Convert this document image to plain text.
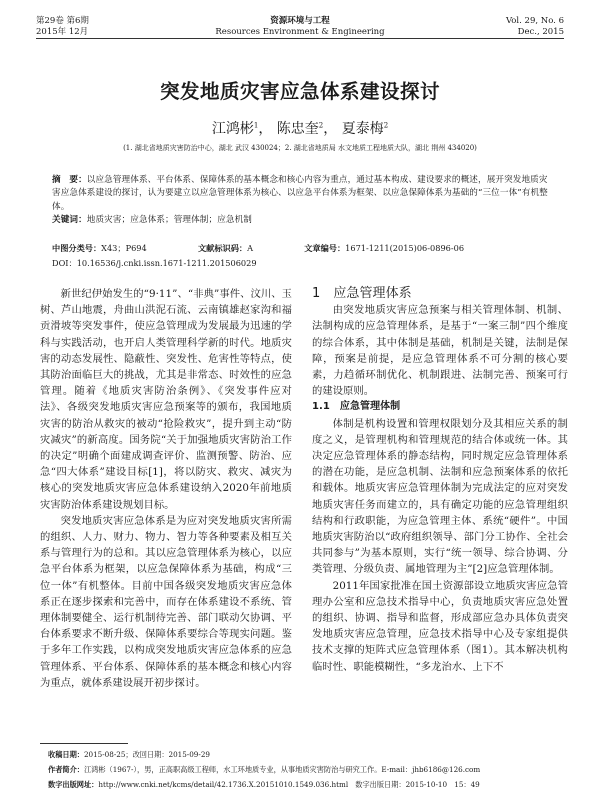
第29卷 第6期
2015年 12月
资源环境与工程
Resources Environment & Engineering
Vol. 29, No. 6
Dec., 2015
突发地质灾害应急体系建设探讨
江鸿彬$^1$， 陈忠奎$^2$， 夏泰梅$^2$
(1. 湖北省地质灾害防治中心，湖北 武汉 430024；2. 湖北省地质局 水文地质工程地质大队，湖北 荆州 434020)

摘　要：以应急管理体系、平台体系、保障体系的基本概念和核心内容为重点，通过基本构成、建设要求的概述，展开突发地质灾害应急体系建设的探讨，认为要建立以应急管理体系为核心、以应急平台体系为框架、以应急保障体系为基础的“三位一体”有机整体。

关键词：地质灾害；应急体系；管理体制；应急机制

中图分类号：X43；P694	文献标识码：A	文章编号：1671-1211(2015)06-0896-06
DOI：10.16536/j.cnki.issn.1671-1211.201506029

新世纪伊始发生的“9·11”、“非典”事件、汶川、玉树、芦山地震，舟曲山洪泥石流、云南镇雄赵家沟和福贡滑坡等突发事件，使应急管理成为发展最为迅速的学科与实践活动，也开启人类管理科学新的时代。地质灾害的动态发展性、隐蔽性、突发性、危害性等特点，使其防治面临巨大的挑战，尤其是非常态、时效性的应急管理。随着《地质灾害防治条例》、《突发事件应对法》、各级突发地质灾害应急预案等的颁布，我国地质灾害的防治从救灾的被动“抢险救灾”，提升到主动“防灾减灾”的新高度。国务院“关于加强地质灾害防治工作的决定”明确个面建成调查评价、监测预警、防治、应急“四大体系”建设目标[1]，将以防灾、救灾、减灾为核心的突发地质灾害应急体系建设纳入2020年前地质灾害防治体系建设规划目标。

突发地质灾害应急体系是为应对突发地质灾害所需的组织、人力、财力、物力、智力等各种要素及相互关系与管理行为的总和。其以应急管理体系为核心，以应急平台体系为框架，以应急保障体系为基础，构成“三位一体”有机整体。目前中国各级突发地质灾害应急体系正在逐步探索和完善中，而存在体系建设不系统、管理体制要健全、运行机制待完善、部门联动欠协调、平台体系要求不断升级、保障体系要综合等现实问题。鉴于多年工作实践，以构成突发地质灾害应急体系的应急管理体系、平台体系、保障体系的基本概念和核心内容为重点，就体系建设展开初步探讨。

1　应急管理体系

由突发地质灾害应急预案与相关管理体制、机制、法制构成的应急管理体系，是基于“一案三制”四个维度的综合体系，其中体制是基础，机制是关键，法制是保障，预案是前提，是应急管理体系不可分割的核心要素，力趋循环制优化、机制跟进、法制完善、预案可行的建设原则。

1.1　应急管理体制

体制是机构设置和管理权限划分及其相应关系的制度之义，是管理机构和管理规范的结合体或统一体。其决定应急管理体系的静态结构，同时规定应急管理体系的潜在功能，是应急机制、法制和应急预案体系的依托和载体。地质灾害应急管理体制为完成法定的应对突发地质灾害任务而建立的，具有确定功能的应急管理组织结构和行政职能，为应急管理主体、系统“硬件”。中国地质灾害防治以“政府组织领导、部门分工协作、全社会共同参与”为基本原则，实行“统一领导、综合协调、分类管理、分级负责、属地管理为主”[2]应急管理体制。

2011年国家批准在国土资源部设立地质灾害应急管理办公室和应急技术指导中心，负责地质灾害应急处置的组织、协调、指导和监督，形成部应急办具体负责突发地质灾害应急管理，应急技术指导中心及专家组提供技术支撑的矩阵式应急管理体系（图1）。其本解决机构临时性、职能模糊性，“多龙治水、上下不

收稿日期：2015-08-25；改回日期：2015-09-29
作者简介：江鸿彬（1967-），男，正高职高级工程师，水工环地质专业，从事地质灾害防治与研究工作。E-mail：jhb6186@126.com
数字出版网址：http://www.cnki.net/kcms/detail/42.1736.X.20151010.1549.036.html　数字出版日期：2015-10-10　15：49
